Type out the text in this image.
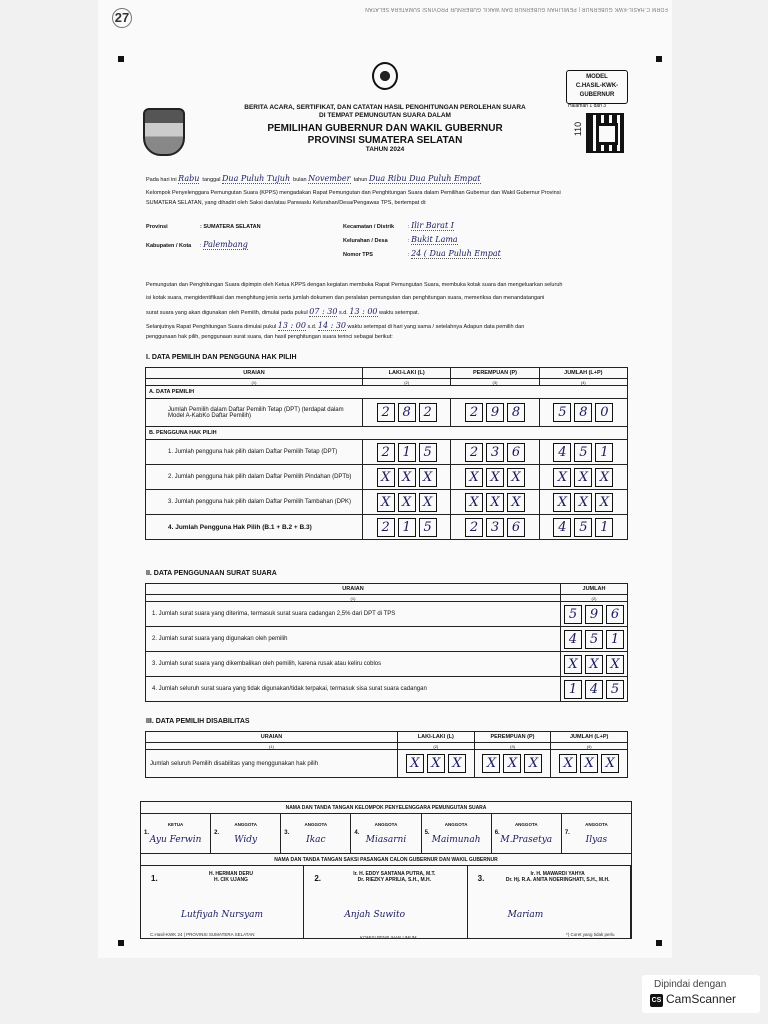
27
FORM C.HASIL-KWK GUBERNUR | PEMILIHAN GUBERNUR DAN WAKIL GUBERNUR PROVINSI SUMATERA SELATAN
MODEL
C.HASIL-KWK-
GUBERNUR
Halaman 1 dari 3
110
BERITA ACARA, SERTIFIKAT, DAN CATATAN HASIL PENGHITUNGAN PEROLEHAN SUARA
DI TEMPAT PEMUNGUTAN SUARA DALAM
PEMILIHAN GUBERNUR DAN WAKIL GUBERNUR
PROVINSI SUMATERA SELATAN
TAHUN 2024
Pada hari ini Rabu tanggal Dua Puluh Tujuh bulan November tahun Dua Ribu Dua Puluh Empat
Kelompok Penyelenggara Pemungutan Suara (KPPS) mengadakan Rapat Pemungutan dan Penghitungan Suara dalam Pemilihan Gubernur dan Wakil Gubernur Provinsi
SUMATERA SELATAN, yang dihadiri oleh Saksi dan/atau Panwaslu Kelurahan/Desa/Pengawas TPS, bertempat di:
Provinsi	: SUMATERA SELATAN
Kabupaten / Kota : Palembang
Kecamatan / Distrik	: Ilir Barat I
Kelurahan / Desa	: Bukit Lama
Nomor TPS	: 24 ( Dua Puluh Empat
Pemungutan dan Penghitungan Suara dipimpin oleh Ketua KPPS dengan kegiatan membuka Rapat Pemungutan Suara, membuka kotak suara dan mengeluarkan seluruh
isi kotak suara, mengidentifikasi dan menghitung jenis serta jumlah dokumen dan peralatan pemungutan dan penghitungan suara, memeriksa dan menandatangani
surat suara yang akan digunakan oleh Pemilih, dimulai pada pukul 07 : 30 s.d. 13 : 00 waktu setempat.
Selanjutnya Rapat Penghitungan Suara dimulai pukul 13 : 00 s.d. 14 : 30 waktu setempat di hari yang sama / setelahnya Adapun data pemilih dan
penggunaan hak pilih, penggunaan surat suara, dan hasil penghitungan suara terinci sebagai berikut:
I. DATA PEMILIH DAN PENGGUNA HAK PILIH
URAIAN	LAKI-LAKI (L)	PEREMPUAN (P)	JUMLAH (L+P)
(1)	(2)	(3)	(4)
A. DATA PEMILIH			
Jumlah Pemilih dalam Daftar Pemilih Tetap (DPT) (terdapat dalam Model A-KabKo Daftar Pemilih)	2 8 2	2 9 8	5 8 0

B. PENGGUNA HAK PILIH			
1. Jumlah pengguna hak pilih dalam Daftar Pemilih Tetap (DPT)	2 1 5	2 3 6	4 5 1

2. Jumlah pengguna hak pilih dalam Daftar Pemilih Pindahan (DPTb)	X X X	X X X	X X X

3. Jumlah pengguna hak pilih dalam Daftar Pemilih Tambahan (DPK)	X X X	X X X	X X X

4. Jumlah Pengguna Hak Pilih (B.1 + B.2 + B.3)	2 1 5	2 3 6	4 5 1
II. DATA PENGGUNAAN SURAT SUARA
URAIAN	JUMLAH
(1)	(2)
1. Jumlah surat suara yang diterima, termasuk surat suara cadangan 2,5% dari DPT di TPS	5 9 6

2. Jumlah surat suara yang digunakan oleh pemilih	4 5 1

3. Jumlah surat suara yang dikembalikan oleh pemilih, karena rusak atau keliru coblos	X X X

4. Jumlah seluruh surat suara yang tidak digunakan/tidak terpakai, termasuk sisa surat suara cadangan	1 4 5
III. DATA PEMILIH DISABILITAS
URAIAN	LAKI-LAKI (L)	PEREMPUAN (P)	JUMLAH (L+P)
(1)	(2)	(3)	(4)
Jumlah seluruh Pemilih disabilitas yang menggunakan hak pilih	X X X	X X X	X X X
NAMA DAN TANDA TANGAN KELOMPOK PENYELENGGARA PEMUNGUTAN SUARA

KETUA
1.
Ayu Ferwin

ANGGOTA
2.
Widy

ANGGOTA
3.
Ikac

ANGGOTA
4.
Miasarni

ANGGOTA
5.
Maimunah

ANGGOTA
6.
M.Prasetya

ANGGOTA
7.
Ilyas

NAMA DAN TANDA TANGAN SAKSI PASANGAN CALON GUBERNUR DAN WAKIL GUBERNUR

1.	H. HERMAN DERU
H. CIK UJANG
Lutfiyah Nursyam
2.	Ir. H. EDDY SANTANA PUTRA, M.T.
Dr. RIEZKY APRILIA, S.H., M.H.
Anjah Suwito
3.	Ir. H. MAWARDI YAHYA
Dr. Hj. R.A. ANITA NOERINGHATI, S.H., M.H.
Mariam
C.Hasil-KWK 24 | PROVINSI SUMATERA SELATAN
KOMISI PEMILIHAN UMUM
*) Coret yang tidak perlu
Dipindai dengan
CS CamScanner
